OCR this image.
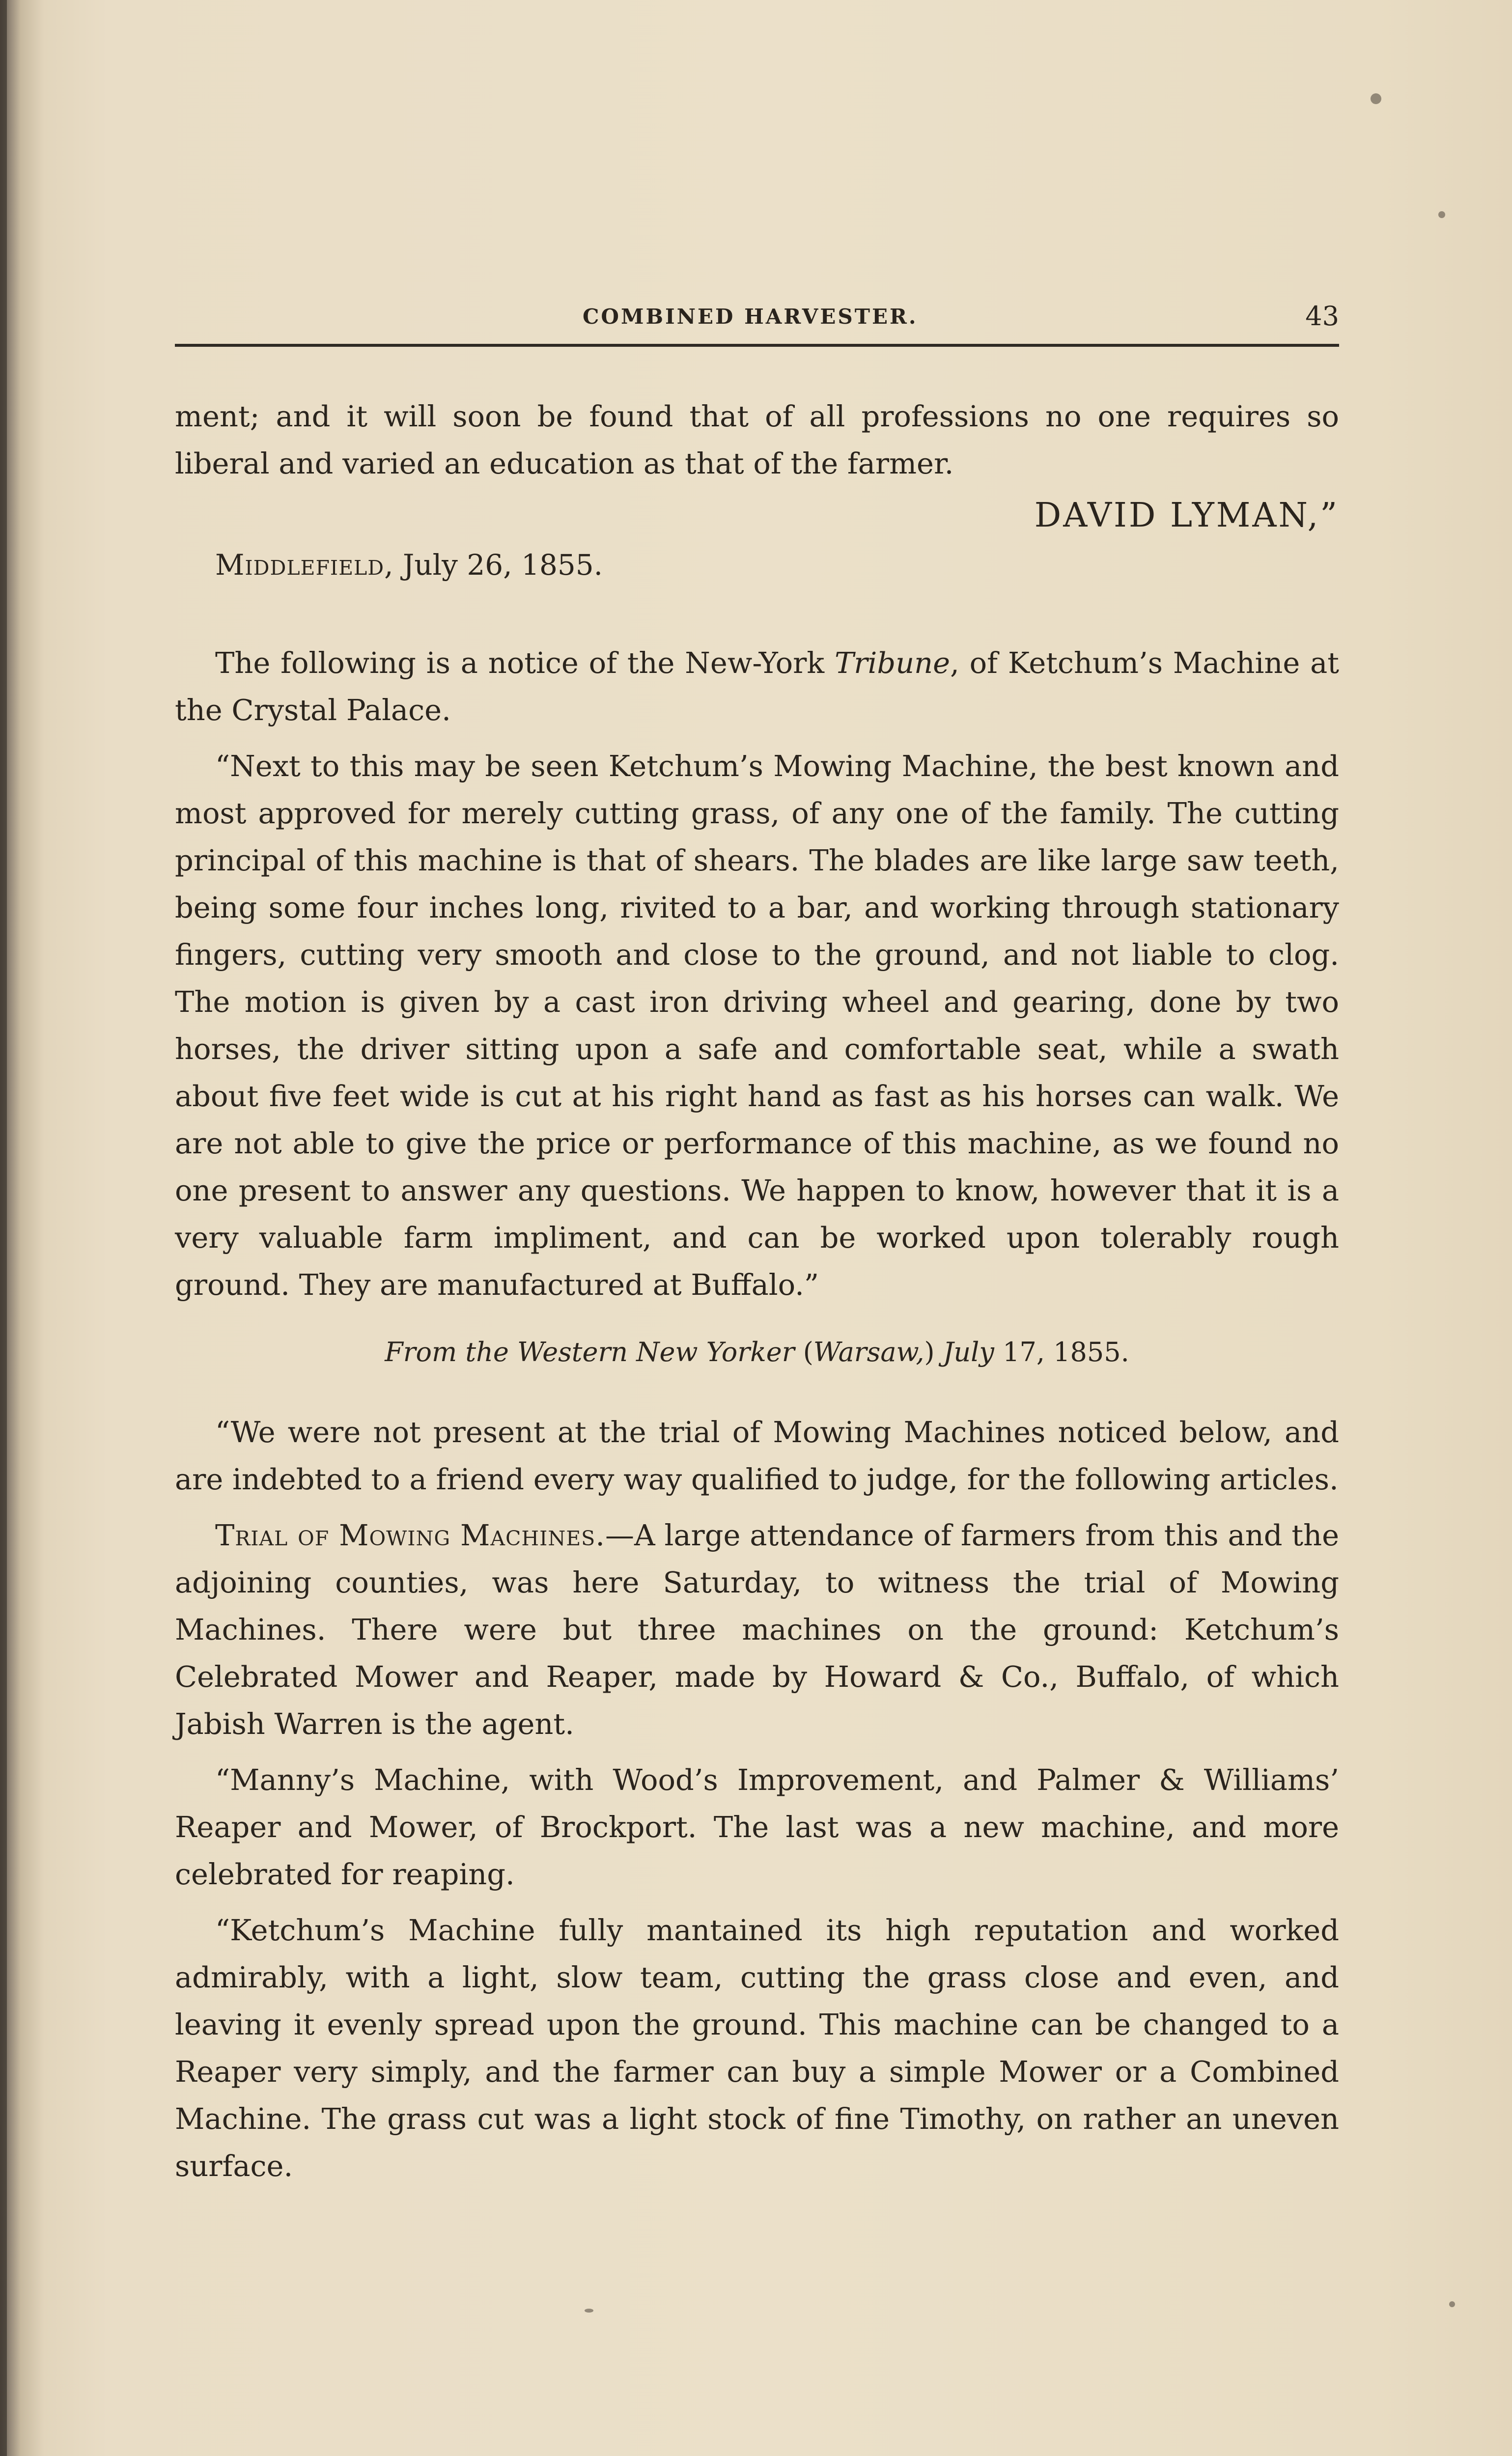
COMBINED HARVESTER.	43

ment; and it will soon be found that of all professions no one requires so liberal and varied an education as that of the farmer.

DAVID LYMAN,”
Middlefield, July 26, 1855.

The following is a notice of the New-York Tribune, of Ketchum’s Machine at the Crystal Palace.

“Next to this may be seen Ketchum’s Mowing Machine, the best known and most approved for merely cutting grass, of any one of the family. The cutting principal of this machine is that of shears. The blades are like large saw teeth, being some four inches long, rivited to a bar, and working through stationary fingers, cutting very smooth and close to the ground, and not liable to clog. The motion is given by a cast iron driving wheel and gearing, done by two horses, the driver sitting upon a safe and comfortable seat, while a swath about five feet wide is cut at his right hand as fast as his horses can walk. We are not able to give the price or performance of this machine, as we found no one present to answer any questions. We happen to know, however that it is a very valuable farm impliment, and can be worked upon tolerably rough ground. They are manufactured at Buffalo.”

From the Western New Yorker (Warsaw,) July 17, 1855.

“We were not present at the trial of Mowing Machines noticed below, and are indebted to a friend every way qualified to judge, for the following articles.

Trial of Mowing Machines.—A large attendance of farmers from this and the adjoining counties, was here Saturday, to witness the trial of Mowing Machines. There were but three machines on the ground: Ketchum’s Celebrated Mower and Reaper, made by Howard & Co., Buffalo, of which Jabish Warren is the agent.

“Manny’s Machine, with Wood’s Improvement, and Palmer & Williams’ Reaper and Mower, of Brockport. The last was a new machine, and more celebrated for reaping.

“Ketchum’s Machine fully mantained its high reputation and worked admirably, with a light, slow team, cutting the grass close and even, and leaving it evenly spread upon the ground. This machine can be changed to a Reaper very simply, and the farmer can buy a simple Mower or a Combined Machine. The grass cut was a light stock of fine Timothy, on rather an uneven surface.
